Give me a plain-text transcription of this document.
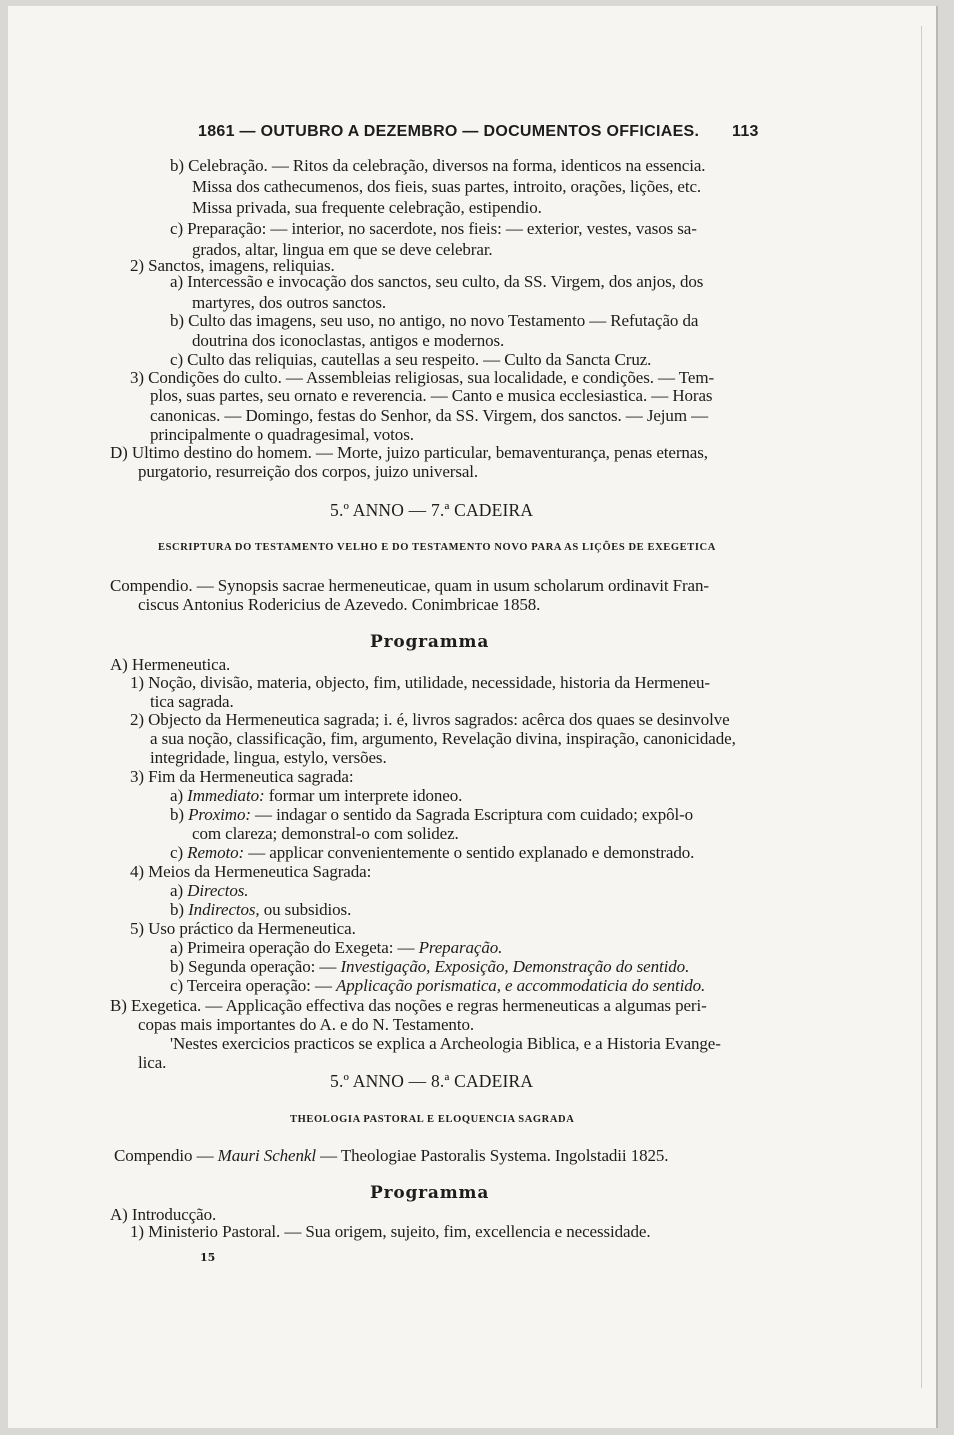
1861 — OUTUBRO A DEZEMBRO — DOCUMENTOS OFFICIAES. 113
b) Celebração. — Ritos da celebração, diversos na forma, identicos na essencia.
Missa dos cathecumenos, dos fieis, suas partes, introito, orações, lições, etc.
Missa privada, sua frequente celebração, estipendio.
c) Preparação: — interior, no sacerdote, nos fieis: — exterior, vestes, vasos sa-
grados, altar, lingua em que se deve celebrar.
2) Sanctos, imagens, reliquias.
a) Intercessão e invocação dos sanctos, seu culto, da SS. Virgem, dos anjos, dos
martyres, dos outros sanctos.
b) Culto das imagens, seu uso, no antigo, no novo Testamento — Refutação da
doutrina dos iconoclastas, antigos e modernos.
c) Culto das reliquias, cautellas a seu respeito. — Culto da Sancta Cruz.
3) Condições do culto. — Assembleias religiosas, sua localidade, e condições. — Tem-
plos, suas partes, seu ornato e reverencia. — Canto e musica ecclesiastica. — Horas
canonicas. — Domingo, festas do Senhor, da SS. Virgem, dos sanctos. — Jejum —
principalmente o quadragesimal, votos.
D) Ultimo destino do homem. — Morte, juizo particular, bemaventurança, penas eternas,
purgatorio, resurreição dos corpos, juizo universal.
5.º ANNO — 7.ª CADEIRA
ESCRIPTURA DO TESTAMENTO VELHO E DO TESTAMENTO NOVO PARA AS LIÇÕES DE EXEGETICA
Compendio. — Synopsis sacrae hermeneuticae, quam in usum scholarum ordinavit Fran-
ciscus Antonius Rodericius de Azevedo. Conimbricae 1858.
Programma
A) Hermeneutica.
1) Noção, divisão, materia, objecto, fim, utilidade, necessidade, historia da Hermeneu-
tica sagrada.
2) Objecto da Hermeneutica sagrada; i. é, livros sagrados: acêrca dos quaes se desinvolve
a sua noção, classificação, fim, argumento, Revelação divina, inspiração, canonicidade,
integridade, lingua, estylo, versões.
3) Fim da Hermeneutica sagrada:
a) Immediato: formar um interprete idoneo.
b) Proximo: — indagar o sentido da Sagrada Escriptura com cuidado; expôl-o
com clareza; demonstral-o com solidez.
c) Remoto: — applicar convenientemente o sentido explanado e demonstrado.
4) Meios da Hermeneutica Sagrada:
a) Directos.
b) Indirectos, ou subsidios.
5) Uso práctico da Hermeneutica.
a) Primeira operação do Exegeta: — Preparação.
b) Segunda operação: — Investigação, Exposição, Demonstração do sentido.
c) Terceira operação: — Applicação porismatica, e accommodaticia do sentido.
B) Exegetica. — Applicação effectiva das noções e regras hermeneuticas a algumas peri-
copas mais importantes do A. e do N. Testamento.
'Nestes exercicios practicos se explica a Archeologia Biblica, e a Historia Evange-
lica.
5.º ANNO — 8.ª CADEIRA
THEOLOGIA PASTORAL E ELOQUENCIA SAGRADA
Compendio — Mauri Schenkl — Theologiae Pastoralis Systema. Ingolstadii 1825.
Programma
A) Introducção.
1) Ministerio Pastoral. — Sua origem, sujeito, fim, excellencia e necessidade.
15
